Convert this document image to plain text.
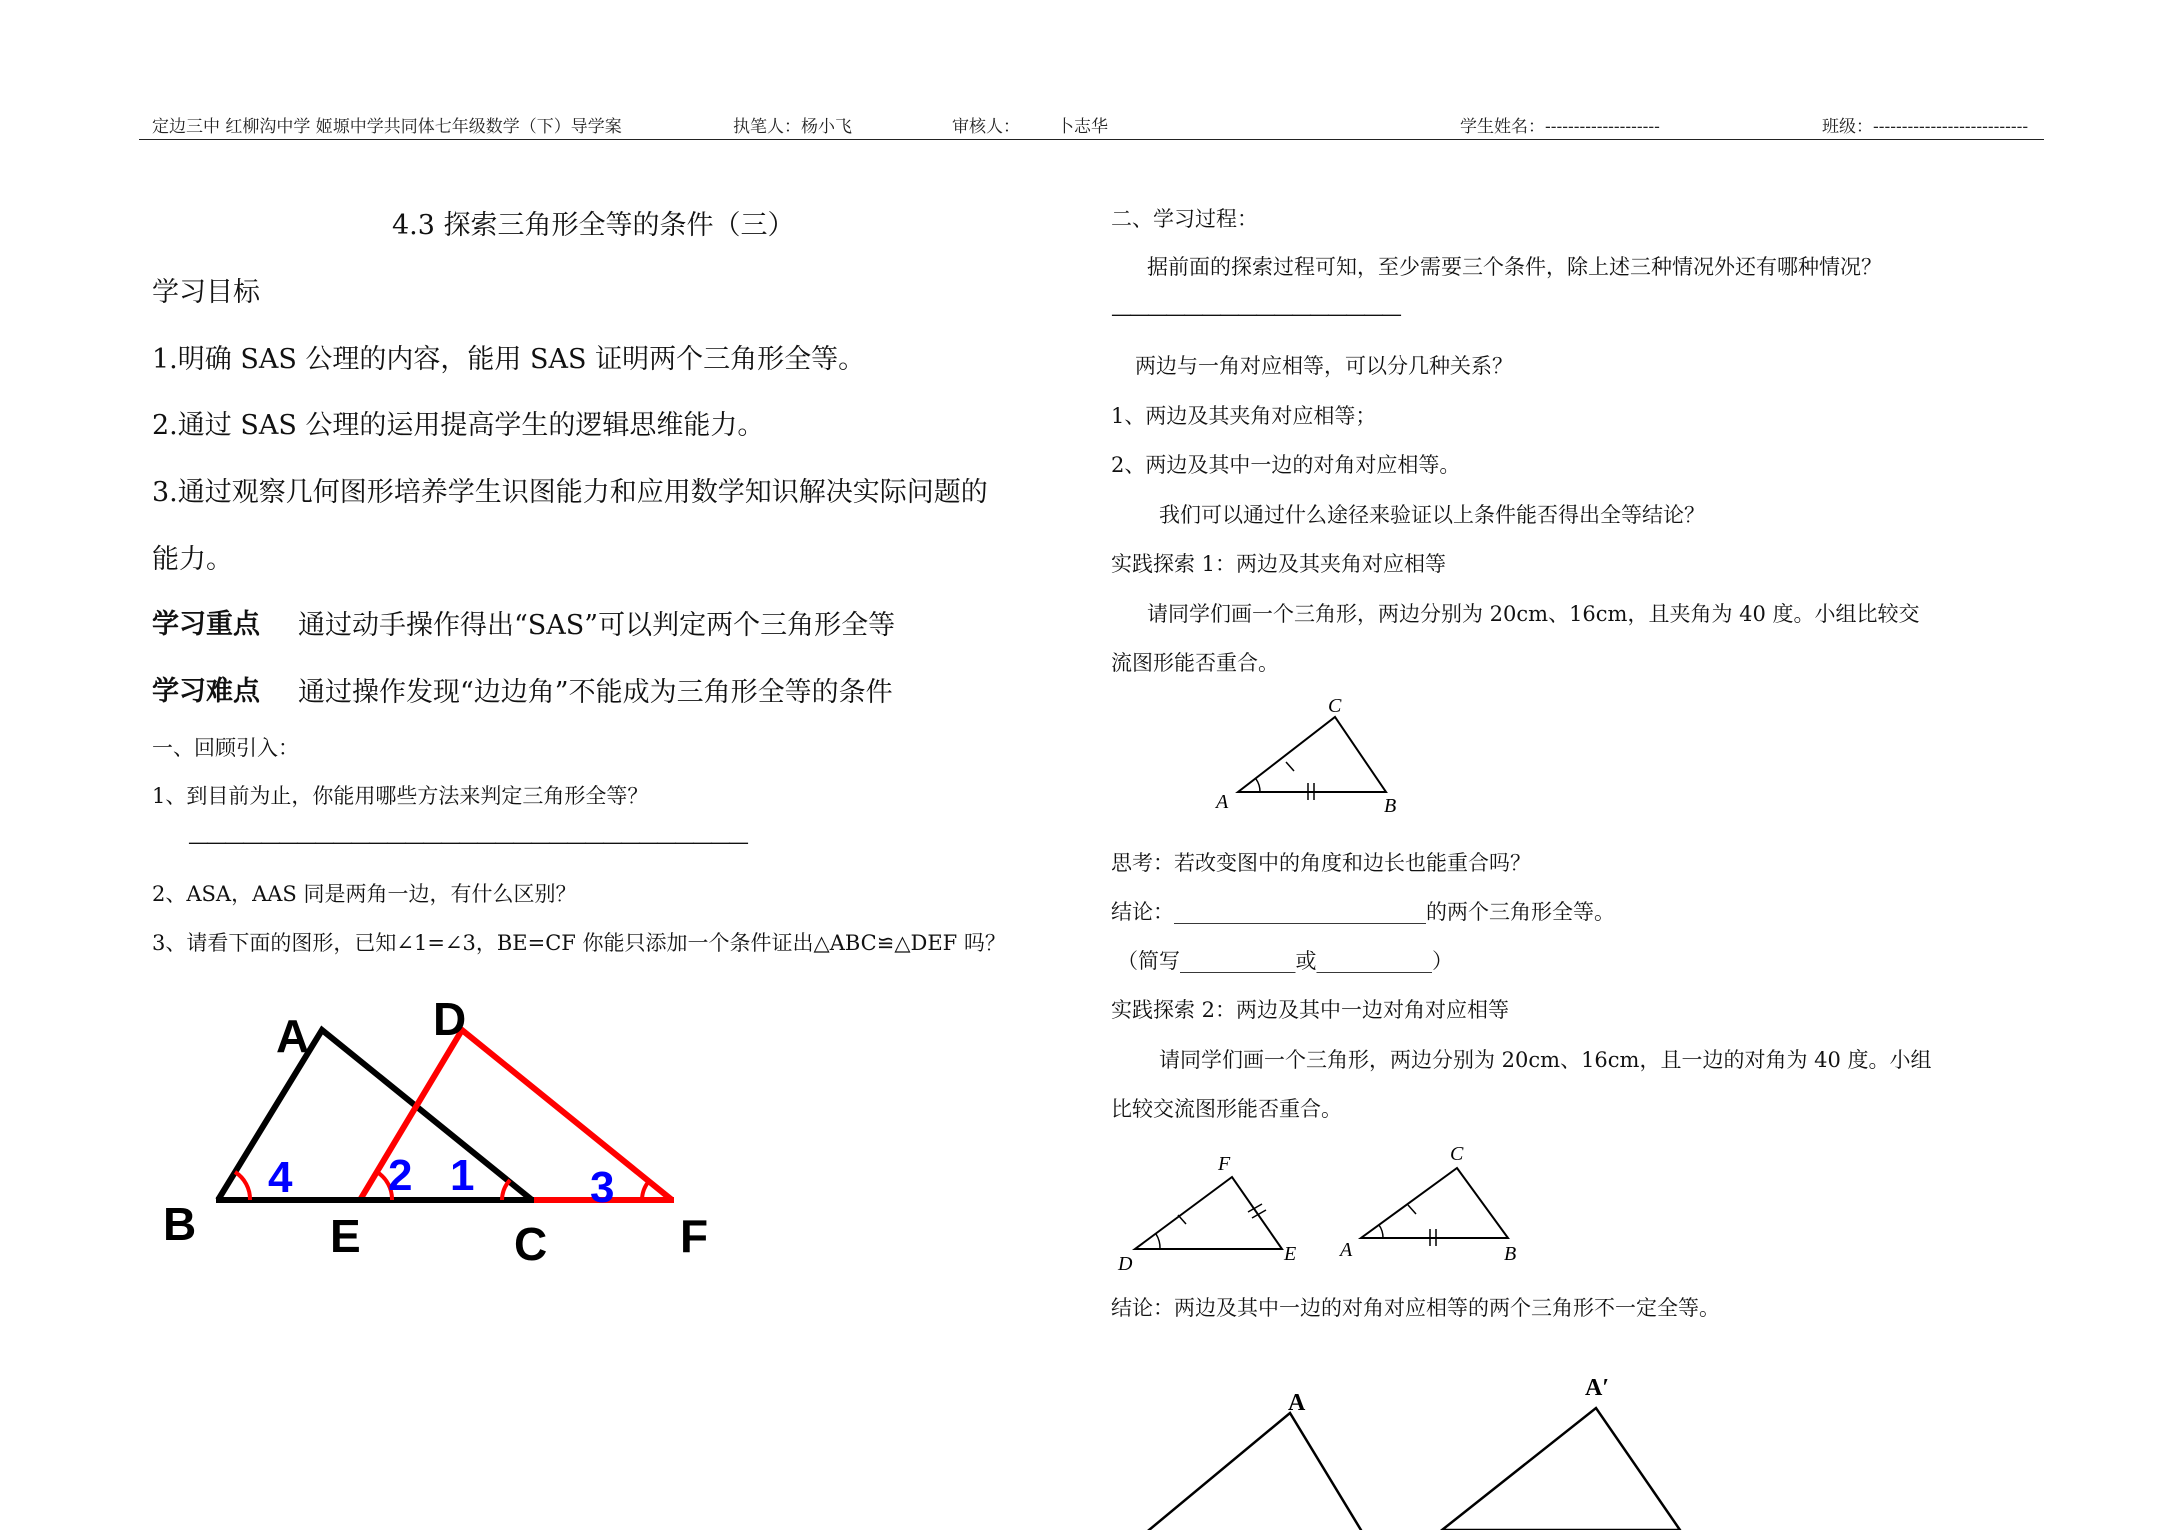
定边三中 红柳沟中学 姬塬中学共同体七年级数学（下）导学案	执笔人：杨小飞	审核人： 卜志华	学生姓名：--------------------	班级：---------------------------
4.3 探索三角形全等的条件（三）
学习目标
1.明确 SAS 公理的内容，能用 SAS 证明两个三角形全等。
2.通过 SAS 公理的运用提高学生的逻辑思维能力。
3.通过观察几何图形培养学生识图能力和应用数学知识解决实际问题的
能力。
学习重点 通过动手操作得出“SAS”可以判定两个三角形全等
学习难点 通过操作发现“边边角”不能成为三角形全等的条件
一、回顾引入：
1、到目前为止，你能用哪些方法来判定三角形全等？
———————————————————————————————
2、ASA，AAS 同是两角一边，有什么区别？
3、请看下面的图形，已知∠1=∠3，BE=CF 你能只添加一个条件证出△ABC≌△DEF 吗？
A	D
B	E	C	F
4 2 1	3
二、学习过程：
据前面的探索过程可知，至少需要三个条件，除上述三种情况外还有哪种情况？
————————————————
两边与一角对应相等，可以分几种关系？
1、两边及其夹角对应相等；
2、两边及其中一边的对角对应相等。
我们可以通过什么途径来验证以上条件能否得出全等结论？
实践探索 1：两边及其夹角对应相等
请同学们画一个三角形，两边分别为 20cm、16cm，且夹角为 40 度。小组比较交
流图形能否重合。
C
A	B
思考：若改变图中的角度和边长也能重合吗？
结论：________________________的两个三角形全等。
（简写___________或___________）
实践探索 2：两边及其中一边对角对应相等
请同学们画一个三角形，两边分别为 20cm、16cm，且一边的对角为 40 度。小组
比较交流图形能否重合。
F
D	E
C
A	B
结论：两边及其中一边的对角对应相等的两个三角形不一定全等。
A
A′
